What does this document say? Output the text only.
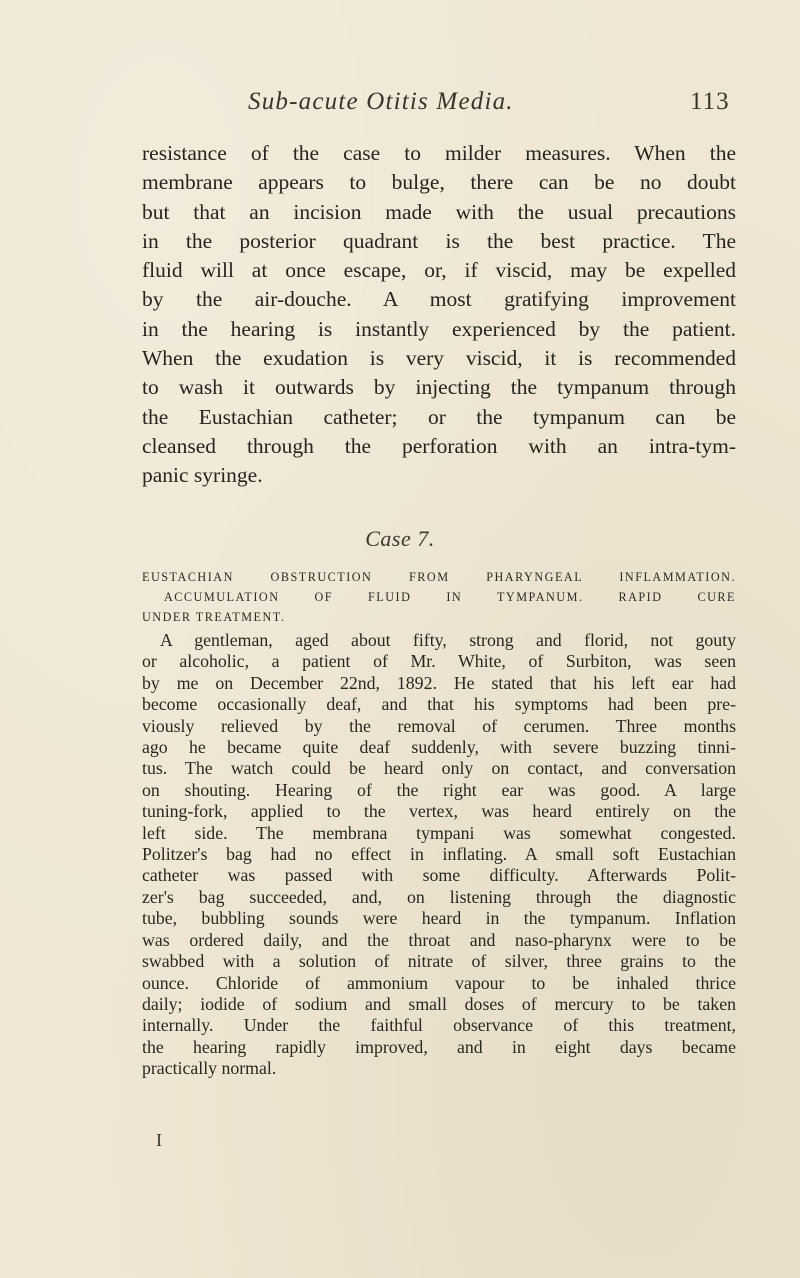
Sub-acute Otitis Media.	113
resistance of the case to milder measures. When the
membrane appears to bulge, there can be no doubt
but that an incision made with the usual precautions
in the posterior quadrant is the best practice. The
fluid will at once escape, or, if viscid, may be expelled
by the air-douche. A most gratifying improvement
in the hearing is instantly experienced by the patient.
When the exudation is very viscid, it is recommended
to wash it outwards by injecting the tympanum through
the Eustachian catheter; or the tympanum can be
cleansed through the perforation with an intra-tym-
panic syringe.
Case 7.
EUSTACHIAN OBSTRUCTION FROM PHARYNGEAL INFLAMMATION.
ACCUMULATION OF FLUID IN TYMPANUM. RAPID CURE
UNDER TREATMENT.
A gentleman, aged about fifty, strong and florid, not gouty
or alcoholic, a patient of Mr. White, of Surbiton, was seen
by me on December 22nd, 1892. He stated that his left ear had
become occasionally deaf, and that his symptoms had been pre-
viously relieved by the removal of cerumen. Three months
ago he became quite deaf suddenly, with severe buzzing tinni-
tus. The watch could be heard only on contact, and conversation
on shouting. Hearing of the right ear was good. A large
tuning-fork, applied to the vertex, was heard entirely on the
left side. The membrana tympani was somewhat congested.
Politzer's bag had no effect in inflating. A small soft Eustachian
catheter was passed with some difficulty. Afterwards Polit-
zer's bag succeeded, and, on listening through the diagnostic
tube, bubbling sounds were heard in the tympanum. Inflation
was ordered daily, and the throat and naso-pharynx were to be
swabbed with a solution of nitrate of silver, three grains to the
ounce. Chloride of ammonium vapour to be inhaled thrice
daily; iodide of sodium and small doses of mercury to be taken
internally. Under the faithful observance of this treatment,
the hearing rapidly improved, and in eight days became
practically normal.
I
